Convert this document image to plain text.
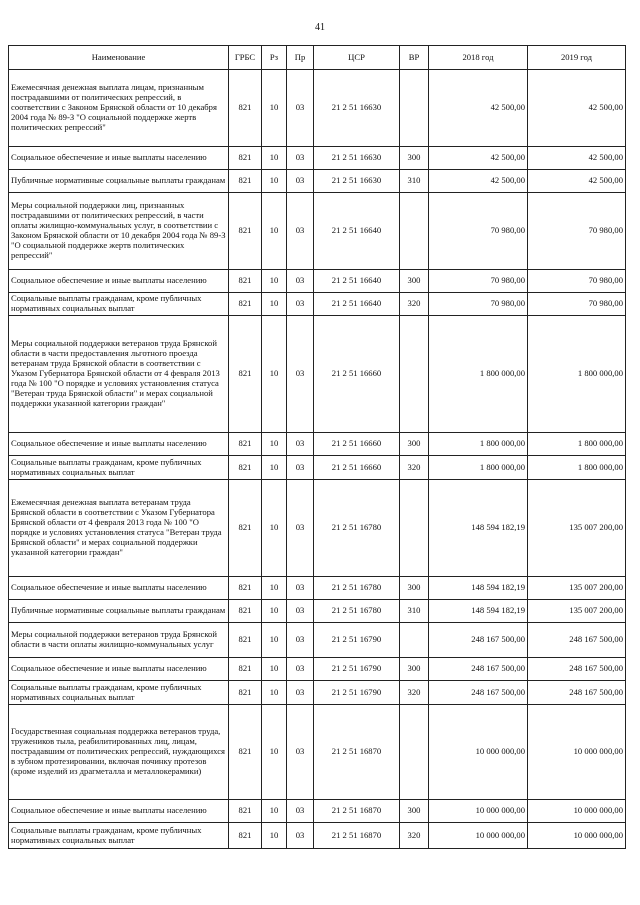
41
Наименование	ГРБС	Рз	Пр	ЦСР	ВР	2018 год	2019 год
Ежемесячная денежная выплата лицам, признанным пострадавшими от политических репрессий, в соответствии с Законом Брянской области от 10 декабря 2004 года № 89-З "О социальной поддержке жертв политических репрессий"	821	10	03	21 2 51 16630		42 500,00	42 500,00
Социальное обеспечение и иные выплаты населению	821	10	03	21 2 51 16630	300	42 500,00	42 500,00
Публичные нормативные социальные выплаты гражданам	821	10	03	21 2 51 16630	310	42 500,00	42 500,00
Меры социальной поддержки лиц, признанных пострадавшими от политических репрессий, в части оплаты жилищно-коммунальных услуг, в соответствии с Законом Брянской области от 10 декабря 2004 года № 89-З "О социальной поддержке жертв политических репрессий"	821	10	03	21 2 51 16640		70 980,00	70 980,00
Социальное обеспечение и иные выплаты населению	821	10	03	21 2 51 16640	300	70 980,00	70 980,00
Социальные выплаты гражданам, кроме публичных нормативных социальных выплат	821	10	03	21 2 51 16640	320	70 980,00	70 980,00
Меры социальной поддержки ветеранов труда Брянской области в части предоставления льготного проезда ветеранам труда Брянской области в соответствии с Указом Губернатора Брянской области от 4 февраля 2013 года № 100 "О порядке и условиях установления статуса "Ветеран труда Брянской области" и мерах социальной поддержки указанной категории граждан"	821	10	03	21 2 51 16660		1 800 000,00	1 800 000,00
Социальное обеспечение и иные выплаты населению	821	10	03	21 2 51 16660	300	1 800 000,00	1 800 000,00
Социальные выплаты гражданам, кроме публичных нормативных социальных выплат	821	10	03	21 2 51 16660	320	1 800 000,00	1 800 000,00
Ежемесячная денежная выплата ветеранам труда Брянской области в соответствии с Указом Губернатора Брянской области от 4 февраля 2013 года № 100 "О порядке и условиях установления статуса "Ветеран труда Брянской области" и мерах социальной поддержки указанной категории граждан"	821	10	03	21 2 51 16780		148 594 182,19	135 007 200,00
Социальное обеспечение и иные выплаты населению	821	10	03	21 2 51 16780	300	148 594 182,19	135 007 200,00
Публичные нормативные социальные выплаты гражданам	821	10	03	21 2 51 16780	310	148 594 182,19	135 007 200,00
Меры социальной поддержки ветеранов труда Брянской области в части оплаты жилищно-коммунальных услуг	821	10	03	21 2 51 16790		248 167 500,00	248 167 500,00
Социальное обеспечение и иные выплаты населению	821	10	03	21 2 51 16790	300	248 167 500,00	248 167 500,00
Социальные выплаты гражданам, кроме публичных нормативных социальных выплат	821	10	03	21 2 51 16790	320	248 167 500,00	248 167 500,00
Государственная социальная поддержка ветеранов труда, тружеников тыла, реабилитированных лиц, лицам, пострадавшим от политических репрессий, нуждающихся в зубном протезировании, включая починку протезов (кроме изделий из драгметалла и металлокерамики)	821	10	03	21 2 51 16870		10 000 000,00	10 000 000,00
Социальное обеспечение и иные выплаты населению	821	10	03	21 2 51 16870	300	10 000 000,00	10 000 000,00
Социальные выплаты гражданам, кроме публичных нормативных социальных выплат	821	10	03	21 2 51 16870	320	10 000 000,00	10 000 000,00
